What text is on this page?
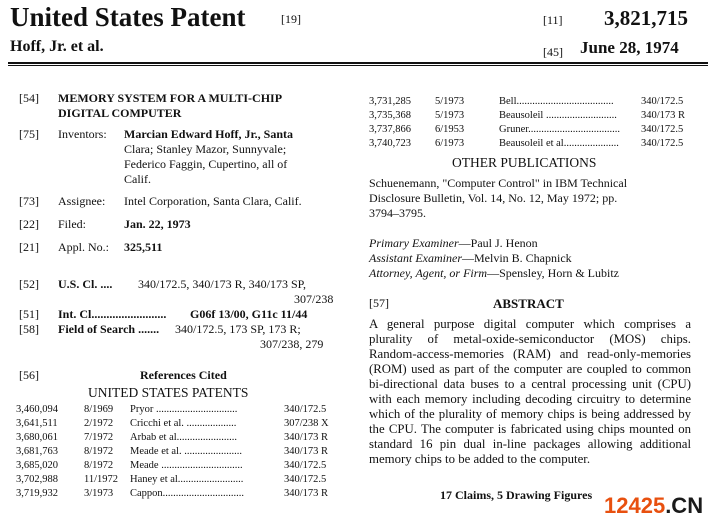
United States Patent	[19]
Hoff, Jr. et al.
[11] 3,821,715
[45] June 28, 1974
[54] MEMORY SYSTEM FOR A MULTI-CHIP
DIGITAL COMPUTER
[75] Inventors: Marcian Edward Hoff, Jr., Santa
Clara; Stanley Mazor, Sunnyvale;
Federico Faggin, Cupertino, all of
Calif.
[73] Assignee: Intel Corporation, Santa Clara, Calif.
[22] Filed:	Jan. 22, 1973
[21] Appl. No.: 325,511
[52] U.S. Cl. .... 340/172.5, 340/173 R, 340/173 SP,
307/238
[51] Int. Cl......................... G06f 13/00, G11c 11/44
[58] Field of Search ....... 340/172.5, 173 SP, 173 R;
307/238, 279
[56]	References Cited
UNITED STATES PATENTS
3,460,094 8/1969 Pryor ...............................	340/172.5
3,641,511	2/1972 Cricchi et al. ...................	307/238 X
3,680,061 7/1972 Arbab et al.......................	340/173 R
3,681,763 8/1972 Meade et al. ......................	340/173 R
3,685,020 8/1972 Meade ...............................	340/172.5
3,702,988 11/1972 Haney et al.........................	340/172.5
3,719,932 3/1973 Cappon...............................	340/173 R
3,731,285 5/1973	Bell.....................................	340/172.5
3,735,368 5/1973	Beausoleil ........................... 340/173 R
3,737,866 6/1953	Gruner................................... 340/172.5
3,740,723 6/1973	Beausoleil et al..................... 340/172.5
OTHER PUBLICATIONS
Schuenemann, "Computer Control" in IBM Technical
Disclosure Bulletin, Vol. 14, No. 12, May 1972; pp.
3794–3795.
Primary Examiner—Paul J. Henon
Assistant Examiner—Melvin B. Chapnick
Attorney, Agent, or Firm—Spensley, Horn & Lubitz
[57]	ABSTRACT
A general purpose digital computer which comprises a plurality of metal-oxide-semiconductor (MOS) chips. Random-access-memories (RAM) and read-only-memories (ROM) used as part of the computer are coupled to common bi-directional data buses to a central processing unit (CPU) with each memory including decoding circuitry to determine which of the plurality of memory chips is being addressed by the CPU. The computer is fabricated using chips mounted on standard 16 pin dual in-line packages allowing additional memory chips to be added to the computer.
17 Claims, 5 Drawing Figures 12425.CN
